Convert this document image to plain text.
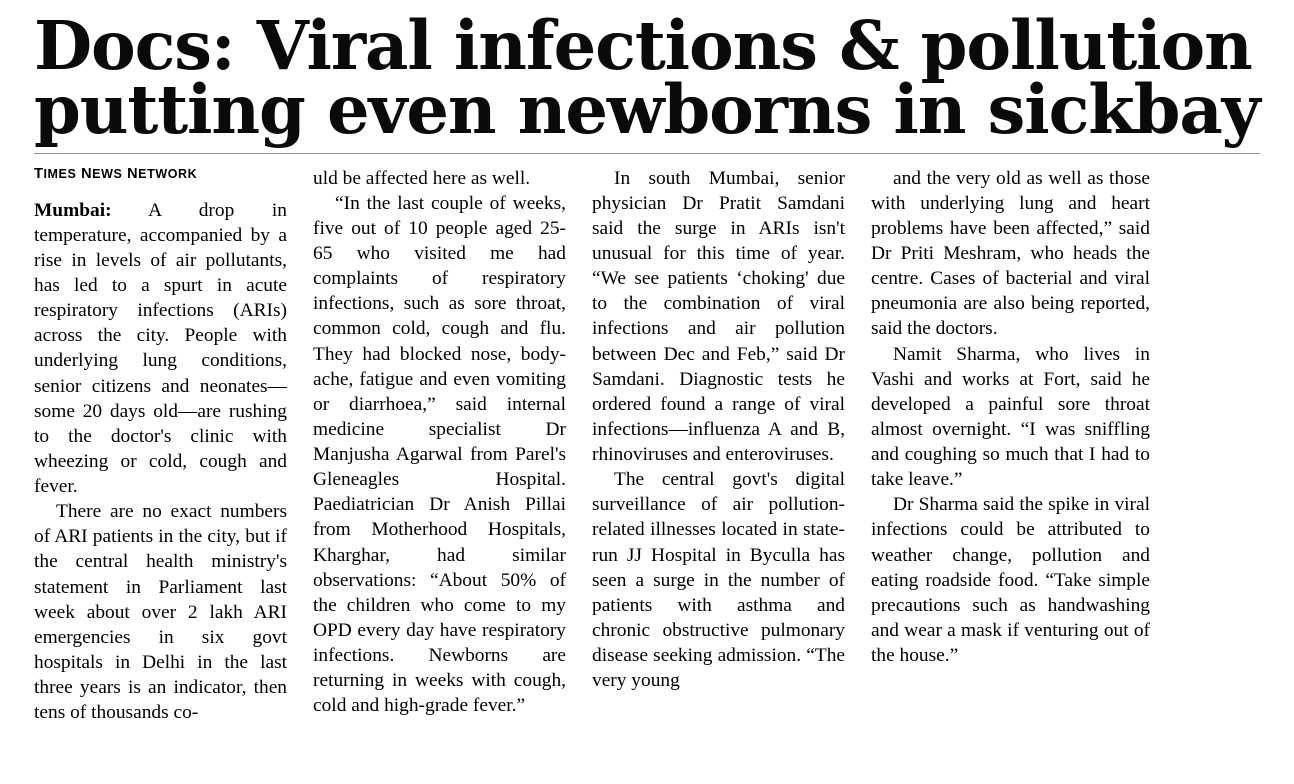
Docs: Viral infections & pollution
putting even newborns in sickbay
TIMES NEWS NETWORK

Mumbai: A drop in temperature, accompanied by a rise in levels of air pollutants, has led to a spurt in acute respiratory infections (ARIs) across the city. People with underlying lung conditions, senior citizens and neonates—some 20 days old—are rushing to the doctor's clinic with wheezing or cold, cough and fever.

There are no exact numbers of ARI patients in the city, but if the central health ministry's statement in Parliament last week about over 2 lakh ARI emergencies in six govt hospitals in Delhi in the last three years is an indicator, then tens of thousands co-

uld be affected here as well.

“In the last couple of weeks, five out of 10 people aged 25-65 who visited me had complaints of respiratory infections, such as sore throat, common cold, cough and flu. They had blocked nose, body-ache, fatigue and even vomiting or diarrhoea,” said internal medicine specialist Dr Manjusha Agarwal from Parel's Gleneagles Hospital. Paediatrician Dr Anish Pillai from Motherhood Hospitals, Kharghar, had similar observations: “About 50% of the children who come to my OPD every day have respiratory infections. Newborns are returning in weeks with cough, cold and high-grade fever.”

In south Mumbai, senior physician Dr Pratit Samdani said the surge in ARIs isn't unusual for this time of year. “We see patients ‘choking' due to the combination of viral infections and air pollution between Dec and Feb,” said Dr Samdani. Diagnostic tests he ordered found a range of viral infections—influenza A and B, rhinoviruses and enteroviruses.

The central govt's digital surveillance of air pollution-related illnesses located in state-run JJ Hospital in Byculla has seen a surge in the number of patients with asthma and chronic obstructive pulmonary disease seeking admission. “The very young

and the very old as well as those with underlying lung and heart problems have been affected,” said Dr Priti Meshram, who heads the centre. Cases of bacterial and viral pneumonia are also being reported, said the doctors.

Namit Sharma, who lives in Vashi and works at Fort, said he developed a painful sore throat almost overnight. “I was sniffling and coughing so much that I had to take leave.”

Dr Sharma said the spike in viral infections could be attributed to weather change, pollution and eating roadside food. “Take simple precautions such as handwashing and wear a mask if venturing out of the house.”
